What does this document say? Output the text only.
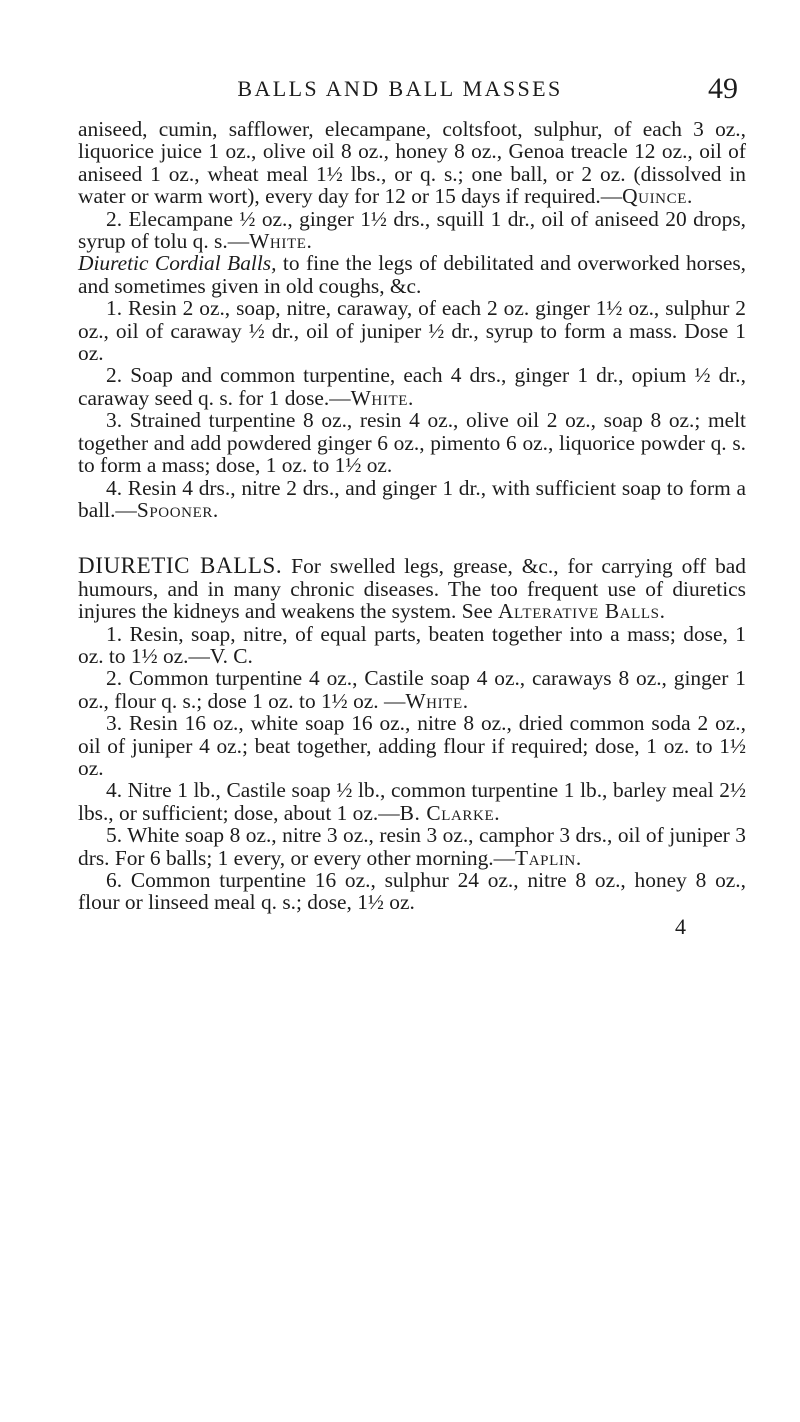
BALLS AND BALL MASSES	49

aniseed, cumin, safflower, elecampane, coltsfoot, sulphur, of each 3 oz., liquorice juice 1 oz., olive oil 8 oz., honey 8 oz., Genoa treacle 12 oz., oil of aniseed 1 oz., wheat meal 1½ lbs., or q. s.; one ball, or 2 oz. (dissolved in water or warm wort), every day for 12 or 15 days if required.—Quince.

2. Elecampane ½ oz., ginger 1½ drs., squill 1 dr., oil of aniseed 20 drops, syrup of tolu q. s.—White.

Diuretic Cordial Balls, to fine the legs of debilitated and overworked horses, and sometimes given in old coughs, &c.

1. Resin 2 oz., soap, nitre, caraway, of each 2 oz. ginger 1½ oz., sulphur 2 oz., oil of caraway ½ dr., oil of juniper ½ dr., syrup to form a mass. Dose 1 oz.

2. Soap and common turpentine, each 4 drs., ginger 1 dr., opium ½ dr., caraway seed q. s. for 1 dose.—White.

3. Strained turpentine 8 oz., resin 4 oz., olive oil 2 oz., soap 8 oz.; melt together and add powdered ginger 6 oz., pimento 6 oz., liquorice powder q. s. to form a mass; dose, 1 oz. to 1½ oz.

4. Resin 4 drs., nitre 2 drs., and ginger 1 dr., with sufficient soap to form a ball.—Spooner.

DIURETIC BALLS. For swelled legs, grease, &c., for carrying off bad humours, and in many chronic diseases. The too frequent use of diuretics injures the kidneys and weakens the system. See Alterative Balls.

1. Resin, soap, nitre, of equal parts, beaten together into a mass; dose, 1 oz. to 1½ oz.—V. C.

2. Common turpentine 4 oz., Castile soap 4 oz., caraways 8 oz., ginger 1 oz., flour q. s.; dose 1 oz. to 1½ oz. —White.

3. Resin 16 oz., white soap 16 oz., nitre 8 oz., dried common soda 2 oz., oil of juniper 4 oz.; beat together, adding flour if required; dose, 1 oz. to 1½ oz.

4. Nitre 1 lb., Castile soap ½ lb., common turpentine 1 lb., barley meal 2½ lbs., or sufficient; dose, about 1 oz.—B. Clarke.

5. White soap 8 oz., nitre 3 oz., resin 3 oz., camphor 3 drs., oil of juniper 3 drs. For 6 balls; 1 every, or every other morning.—Taplin.

6. Common turpentine 16 oz., sulphur 24 oz., nitre 8 oz., honey 8 oz., flour or linseed meal q. s.; dose, 1½ oz.

4
